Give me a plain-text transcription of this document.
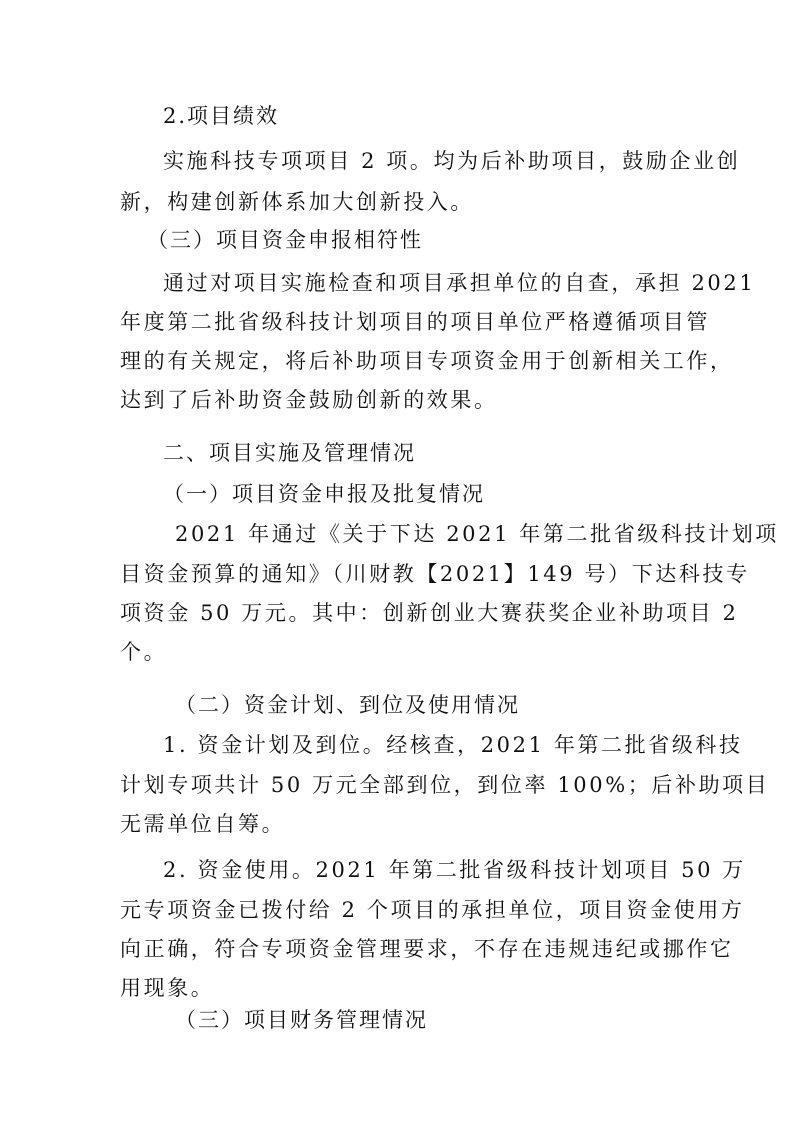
2.项目绩效
实施科技专项项目 2 项。均为后补助项目，鼓励企业创
新，构建创新体系加大创新投入。
（三）项目资金申报相符性
通过对项目实施检查和项目承担单位的自查，承担 2021
年度第二批省级科技计划项目的项目单位严格遵循项目管
理的有关规定，将后补助项目专项资金用于创新相关工作，
达到了后补助资金鼓励创新的效果。
二、项目实施及管理情况
（一）项目资金申报及批复情况
2021 年通过《关于下达 2021 年第二批省级科技计划项
目资金预算的通知》（川财教【2021】149 号）下达科技专
项资金 50 万元。其中：创新创业大赛获奖企业补助项目 2
个。
（二）资金计划、到位及使用情况
1. 资金计划及到位。经核查，2021 年第二批省级科技
计划专项共计 50 万元全部到位，到位率 100%；后补助项目
无需单位自筹。
2. 资金使用。2021 年第二批省级科技计划项目 50 万
元专项资金已拨付给 2 个项目的承担单位，项目资金使用方
向正确，符合专项资金管理要求，不存在违规违纪或挪作它
用现象。
（三）项目财务管理情况
